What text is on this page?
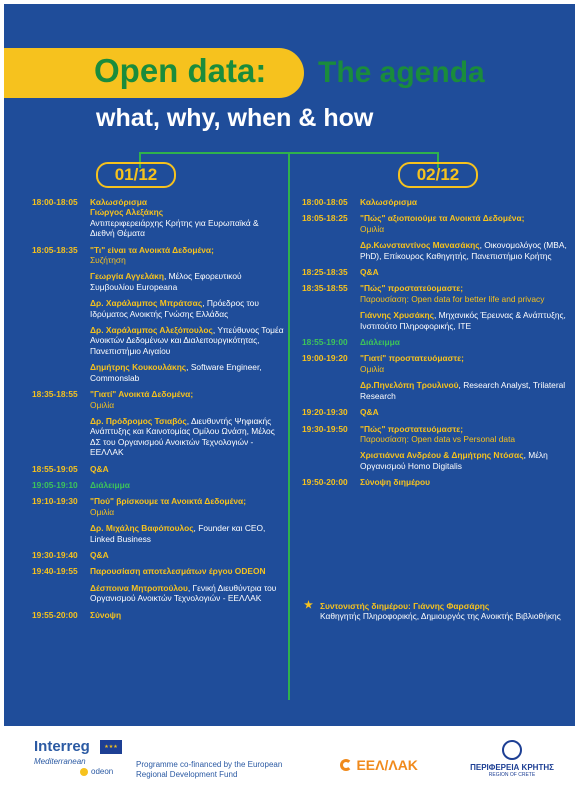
Open data: The agenda
what, why, when & how
01/12	02/12
18:00-18:05 Καλωσόρισμα
Γιώργος Αλεξάκης
Αντιπεριφερειάρχης Κρήτης για Ευρωπαϊκά & Διεθνή Θέματα
18:05-18:35 "Τι" είναι τα Ανοικτά Δεδομένα;
Συζήτηση
Γεωργία Αγγελάκη, Μέλος Εφορευτικού Συμβουλίου Europeana
Δρ. Χαράλαμπος Μπράτσας, Πρόεδρος του Ιδρύματος Ανοικτής Γνώσης Ελλάδας
Δρ. Χαράλαμπος Αλεξόπουλος, Υπεύθυνος Τομέα Ανοικτών Δεδομένων και Διαλειτουργικότητας, Πανεπιστήμιο Αιγαίου
Δημήτρης Κουκουλάκης, Software Engineer, Commonslab
18:35-18:55 "Γιατί" Ανοικτά Δεδομένα;
Ομιλία
Δρ. Πρόδρομος Τσιαβός, Διευθυντής Ψηφιακής Ανάπτυξης και Καινοτομίας Ομίλου Ωνάση, Μέλος ΔΣ του Οργανισμού Ανοικτών Τεχνολογιών - ΕΕΛΛΑΚ
18:55-19:05 Q&A
19:05-19:10 Διάλειμμα
19:10-19:30 "Πού" βρίσκουμε τα Ανοικτά Δεδομένα;
Ομιλία
Δρ. Μιχάλης Βαφόπουλος, Founder και CEO, Linked Business
19:30-19:40 Q&A
19:40-19:55 Παρουσίαση αποτελεσμάτων έργου ODEON
Δέσποινα Μητροπούλου, Γενική Διευθύντρια του Οργανισμού Ανοικτών Τεχνολογιών - ΕΕΛΛΑΚ
19:55-20:00 Σύνοψη
18:00-18:05 Καλωσόρισμα
18:05-18:25 "Πώς" αξιοποιούμε τα Ανοικτά Δεδομένα;
Ομιλία
Δρ.Κωνσταντίνος Μανασάκης, Οικονομολόγος (MBA, PhD), Επίκουρος Καθηγητής, Πανεπιστήμιο Κρήτης
18:25-18:35 Q&A
18:35-18:55 "Πώς" προστατεύομαστε;
Παρουσίαση: Open data for better life and privacy
Γιάννης Χρυσάκης, Μηχανικός Έρευνας & Ανάπτυξης, Ινστιτούτο Πληροφορικής, ΙΤΕ
18:55-19:00 Διάλειμμα
19:00-19:20 "Γιατί" προστατευόμαστε;
Ομιλία
Δρ.Πηνελόπη Τρουλινού, Research Analyst, Trilateral Research
19:20-19:30 Q&A
19:30-19:50 "Πώς" προστατευόμαστε;
Παρουσίαση: Open data vs Personal data
Χριστιάννα Ανδρέου & Δημήτρης Ντόσας, Μέλη Οργανισμού Homo Digitalis
19:50-20:00 Σύνοψη διημέρου
★ Συντονιστής διημέρου: Γιάννης Φαρσάρης
Καθηγητής Πληροφορικής, Δημιουργός της Ανοικτής Βιβλιοθήκης
Interreg	★★★
Mediterranean
odeon
Programme co-financed by the European Regional Development Fund
ΕΕΛ/ΛΑΚ	ΠΕΡΙΦΕΡΕΙΑ ΚΡΗΤΗΣ
REGION OF CRETE
